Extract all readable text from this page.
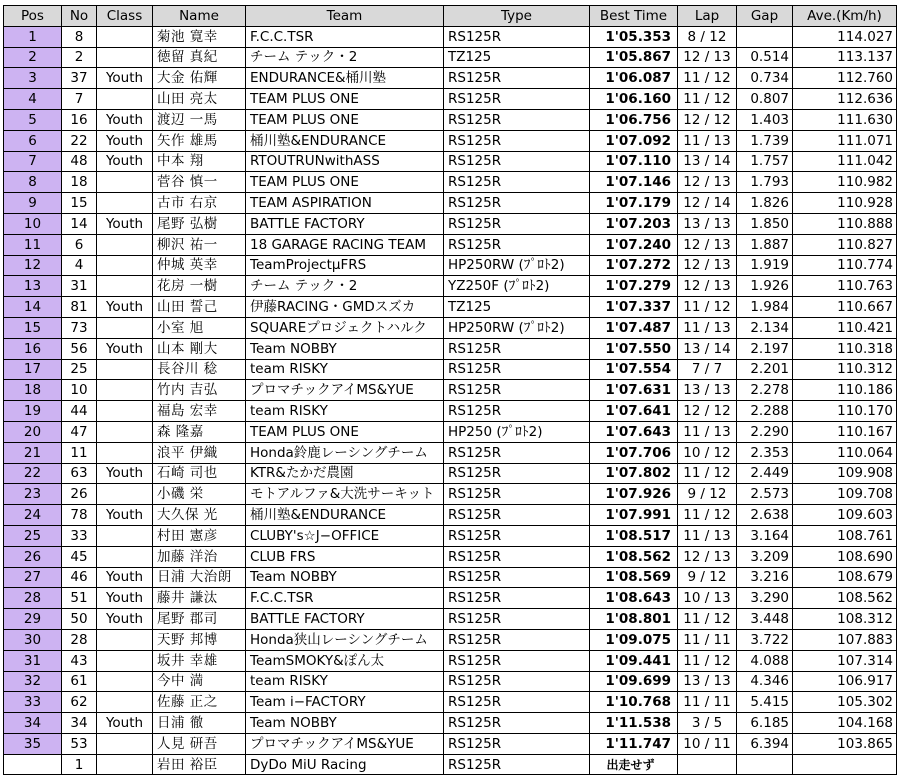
Pos	No	Class	Name	Team	Type	Best Time	Lap	Gap	Ave.(Km/h)
1	8		菊池 寛幸	F.C.C.TSR	RS125R	1'05.353	8 / 12		114.027
2	2		徳留 真紀	チーム テック・2	TZ125	1'05.867	12 / 13	0.514	113.137
3	37	Youth	大金 佑輝	ENDURANCE&桶川塾	RS125R	1'06.087	11 / 12	0.734	112.760
4	7		山田 亮太	TEAM PLUS ONE	RS125R	1'06.160	11 / 12	0.807	112.636
5	16	Youth	渡辺 一馬	TEAM PLUS ONE	RS125R	1'06.756	12 / 12	1.403	111.630
6	22	Youth	矢作 雄馬	桶川塾&ENDURANCE	RS125R	1'07.092	11 / 13	1.739	111.071
7	48	Youth	中本 翔	RTOUTRUNwithASS	RS125R	1'07.110	13 / 14	1.757	111.042
8	18		菅谷 慎一	TEAM PLUS ONE	RS125R	1'07.146	12 / 13	1.793	110.982
9	15		古市 右京	TEAM ASPIRATION	RS125R	1'07.179	12 / 14	1.826	110.928
10	14	Youth	尾野 弘樹	BATTLE FACTORY	RS125R	1'07.203	13 / 13	1.850	110.888
11	6		柳沢 祐一	18 GARAGE RACING TEAM	RS125R	1'07.240	12 / 13	1.887	110.827
12	4		仲城 英幸	TeamProjectμFRS	HP250RW (ﾌﾟﾛﾄ2)	1'07.272	12 / 13	1.919	110.774
13	31		花房 一樹	チーム テック・2	YZ250F (ﾌﾟﾛﾄ2)	1'07.279	12 / 13	1.926	110.763
14	81	Youth	山田 誓己	伊藤RACING・GMDスズカ	TZ125	1'07.337	11 / 12	1.984	110.667
15	73		小室 旭	SQUAREプロジェクトハルク	HP250RW (ﾌﾟﾛﾄ2)	1'07.487	11 / 13	2.134	110.421
16	56	Youth	山本 剛大	Team NOBBY	RS125R	1'07.550	13 / 14	2.197	110.318
17	25		長谷川 稔	team RISKY	RS125R	1'07.554	7 / 7	2.201	110.312
18	10		竹内 吉弘	プロマチックアイMS&YUE	RS125R	1'07.631	13 / 13	2.278	110.186
19	44		福島 宏幸	team RISKY	RS125R	1'07.641	12 / 12	2.288	110.170
20	47		森 隆嘉	TEAM PLUS ONE	HP250 (ﾌﾟﾛﾄ2)	1'07.643	11 / 13	2.290	110.167
21	11		浪平 伊織	Honda鈴鹿レーシングチーム	RS125R	1'07.706	10 / 12	2.353	110.064
22	63	Youth	石崎 司也	KTR&たかだ農園	RS125R	1'07.802	11 / 12	2.449	109.908
23	26		小磯 栄	モトアルファ&大洗サーキット	RS125R	1'07.926	9 / 12	2.573	109.708
24	78	Youth	大久保 光	桶川塾&ENDURANCE	RS125R	1'07.991	11 / 12	2.638	109.603
25	33		村田 憲彦	CLUBY's☆J−OFFICE	RS125R	1'08.517	11 / 13	3.164	108.761
26	45		加藤 洋治	CLUB FRS	RS125R	1'08.562	12 / 13	3.209	108.690
27	46	Youth	日浦 大治朗	Team NOBBY	RS125R	1'08.569	9 / 12	3.216	108.679
28	51	Youth	藤井 謙汰	F.C.C.TSR	RS125R	1'08.643	10 / 13	3.290	108.562
29	50	Youth	尾野 郡司	BATTLE FACTORY	RS125R	1'08.801	11 / 12	3.448	108.312
30	28		天野 邦博	Honda狭山レーシングチーム	RS125R	1'09.075	11 / 11	3.722	107.883
31	43		坂井 幸雄	TeamSMOKY&ぽん太	RS125R	1'09.441	11 / 12	4.088	107.314
32	61		今中 満	team RISKY	RS125R	1'09.699	13 / 13	4.346	106.917
33	62		佐藤 正之	Team i−FACTORY	RS125R	1'10.768	11 / 11	5.415	105.302
34	34	Youth	日浦 徹	Team NOBBY	RS125R	1'11.538	3 / 5	6.185	104.168
35	53		人見 研吾	プロマチックアイMS&YUE	RS125R	1'11.747	10 / 11	6.394	103.865
	1		岩田 裕臣	DyDo MiU Racing	RS125R	出走せず			
